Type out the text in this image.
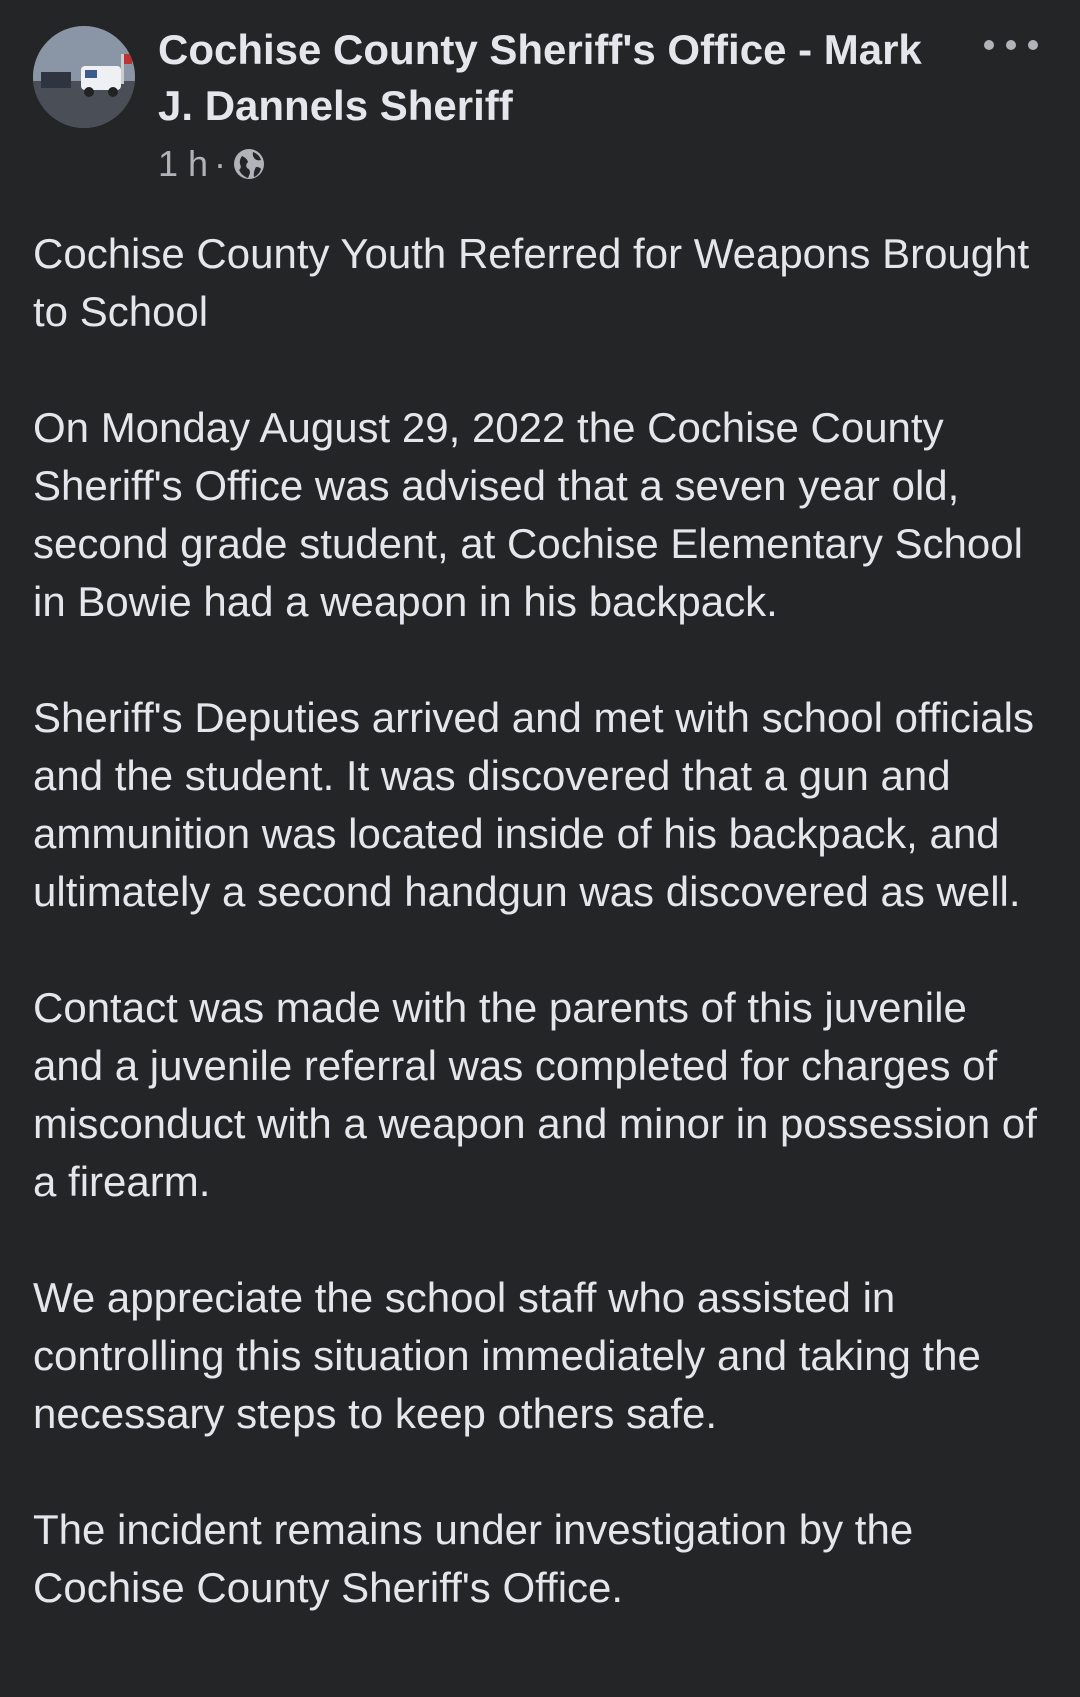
Cochise County Sheriff's Office - Mark J. Dannels Sheriff
1 h ·

Cochise County Youth Referred for Weapons Brought to School

On Monday August 29, 2022 the Cochise County Sheriff's Office was advised that a seven year old, second grade student, at Cochise Elementary School in Bowie had a weapon in his backpack.

Sheriff's Deputies arrived and met with school officials and the student. It was discovered that a gun and ammunition was located inside of his backpack, and ultimately a second handgun was discovered as well.

Contact was made with the parents of this juvenile and a juvenile referral was completed for charges of misconduct with a weapon and minor in possession of a firearm.

We appreciate the school staff who assisted in controlling this situation immediately and taking the necessary steps to keep others safe.

The incident remains under investigation by the Cochise County Sheriff's Office.
